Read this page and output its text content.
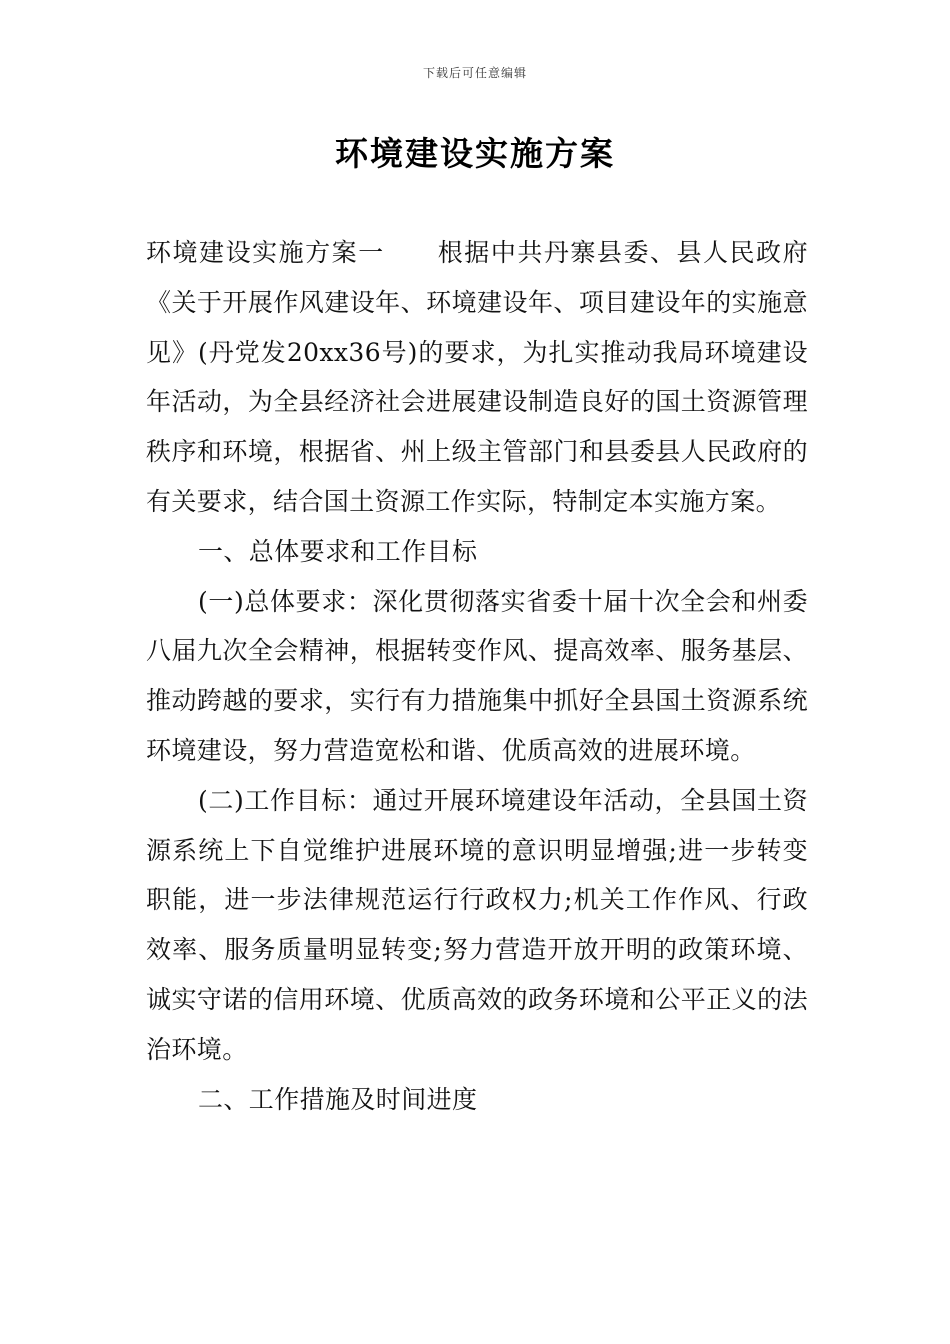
下载后可任意编辑
环境建设实施方案

环境建设实施方案一　　根据中共丹寨县委、县人民政府《关于开展作风建设年、环境建设年、项目建设年的实施意见》(丹党发20xx36号)的要求，为扎实推动我局环境建设年活动，为全县经济社会进展建设制造良好的国土资源管理秩序和环境，根据省、州上级主管部门和县委县人民政府的有关要求，结合国土资源工作实际，特制定本实施方案。

一、总体要求和工作目标

(一)总体要求：深化贯彻落实省委十届十次全会和州委八届九次全会精神，根据转变作风、提高效率、服务基层、推动跨越的要求，实行有力措施集中抓好全县国土资源系统环境建设，努力营造宽松和谐、优质高效的进展环境。

(二)工作目标：通过开展环境建设年活动，全县国土资源系统上下自觉维护进展环境的意识明显增强;进一步转变职能，进一步法律规范运行行政权力;机关工作作风、行政效率、服务质量明显转变;努力营造开放开明的政策环境、诚实守诺的信用环境、优质高效的政务环境和公平正义的法治环境。

二、工作措施及时间进度
